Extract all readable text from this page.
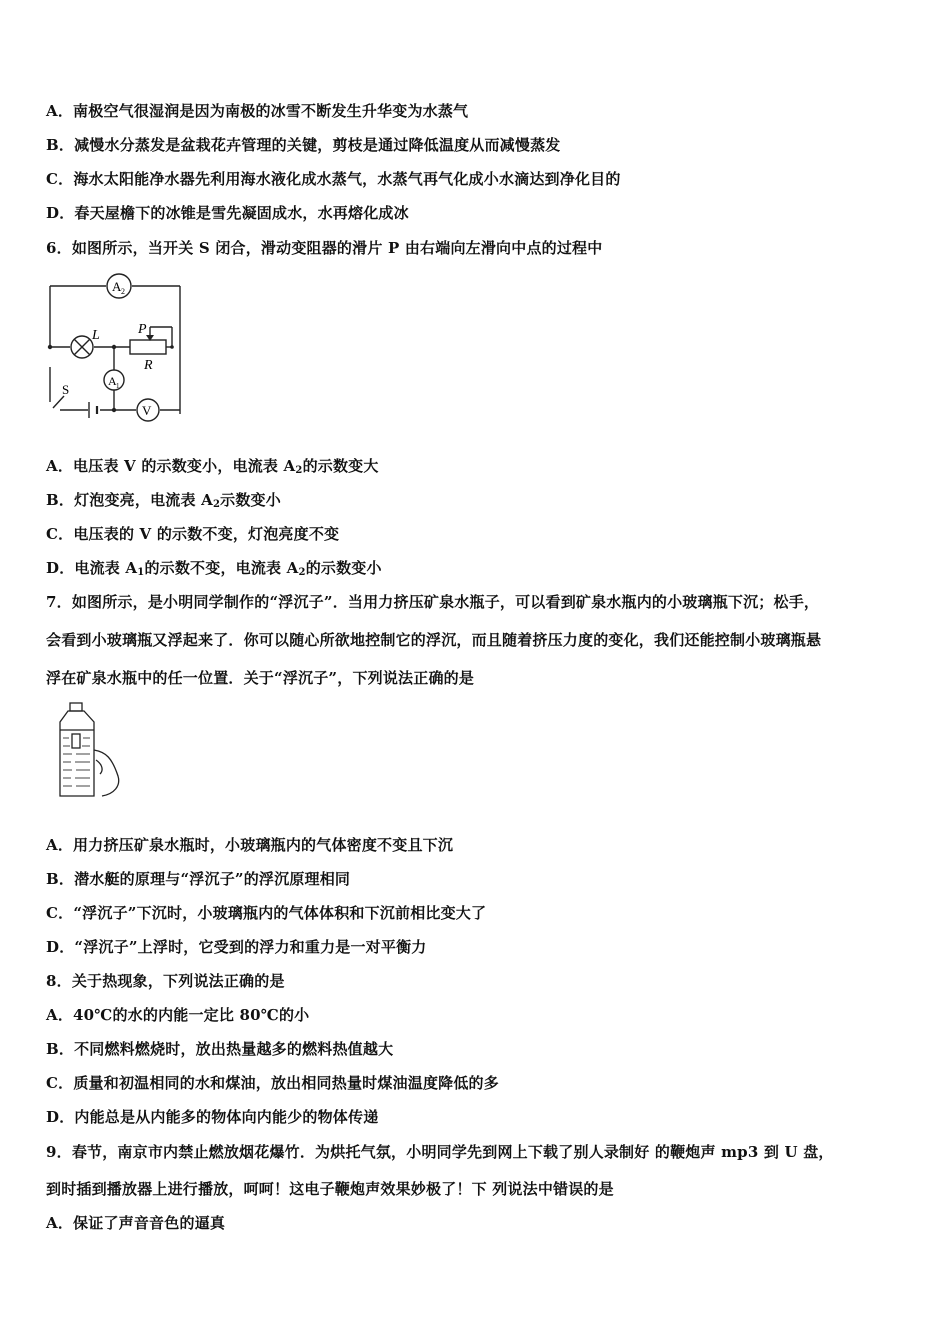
A．南极空气很湿润是因为南极的冰雪不断发生升华变为水蒸气
B．减慢水分蒸发是盆栽花卉管理的关键，剪枝是通过降低温度从而减慢蒸发
C．海水太阳能净水器先利用海水液化成水蒸气，水蒸气再气化成小水滴达到净化目的
D．春天屋檐下的冰锥是雪先凝固成水，水再熔化成冰
6．如图所示，当开关 S 闭合，滑动变阻器的滑片 P 由右端向左滑向中点的过程中
A 2
L	P
R
A 1
V
S
A．电压表 V 的示数变小，电流表 $A_2$的示数变大
B．灯泡变亮，电流表 $A_2$示数变小
C．电压表的 V 的示数不变，灯泡亮度不变
D．电流表 $A_1$的示数不变，电流表 $A_2$的示数变小
7．如图所示，是小明同学制作的“浮沉子”．当用力挤压矿泉水瓶子，可以看到矿泉水瓶内的小玻璃瓶下沉；松手，
会看到小玻璃瓶又浮起来了．你可以随心所欲地控制它的浮沉，而且随着挤压力度的变化，我们还能控制小玻璃瓶悬
浮在矿泉水瓶中的任一位置．关于“浮沉子”，下列说法正确的是
A．用力挤压矿泉水瓶时，小玻璃瓶内的气体密度不变且下沉
B．潜水艇的原理与“浮沉子”的浮沉原理相同
C．“浮沉子”下沉时，小玻璃瓶内的气体体积和下沉前相比变大了
D．“浮沉子”上浮时，它受到的浮力和重力是一对平衡力
8．关于热现象，下列说法正确的是
A．40℃的水的内能一定比 80℃的小
B．不同燃料燃烧时，放出热量越多的燃料热值越大
C．质量和初温相同的水和煤油，放出相同热量时煤油温度降低的多
D．内能总是从内能多的物体向内能少的物体传递
9．春节，南京市内禁止燃放烟花爆竹．为烘托气氛，小明同学先到网上下载了别人录制好 的鞭炮声 mp3 到 U 盘，
到时插到播放器上进行播放，呵呵！这电子鞭炮声效果妙极了！下 列说法中错误的是
A．保证了声音音色的逼真
